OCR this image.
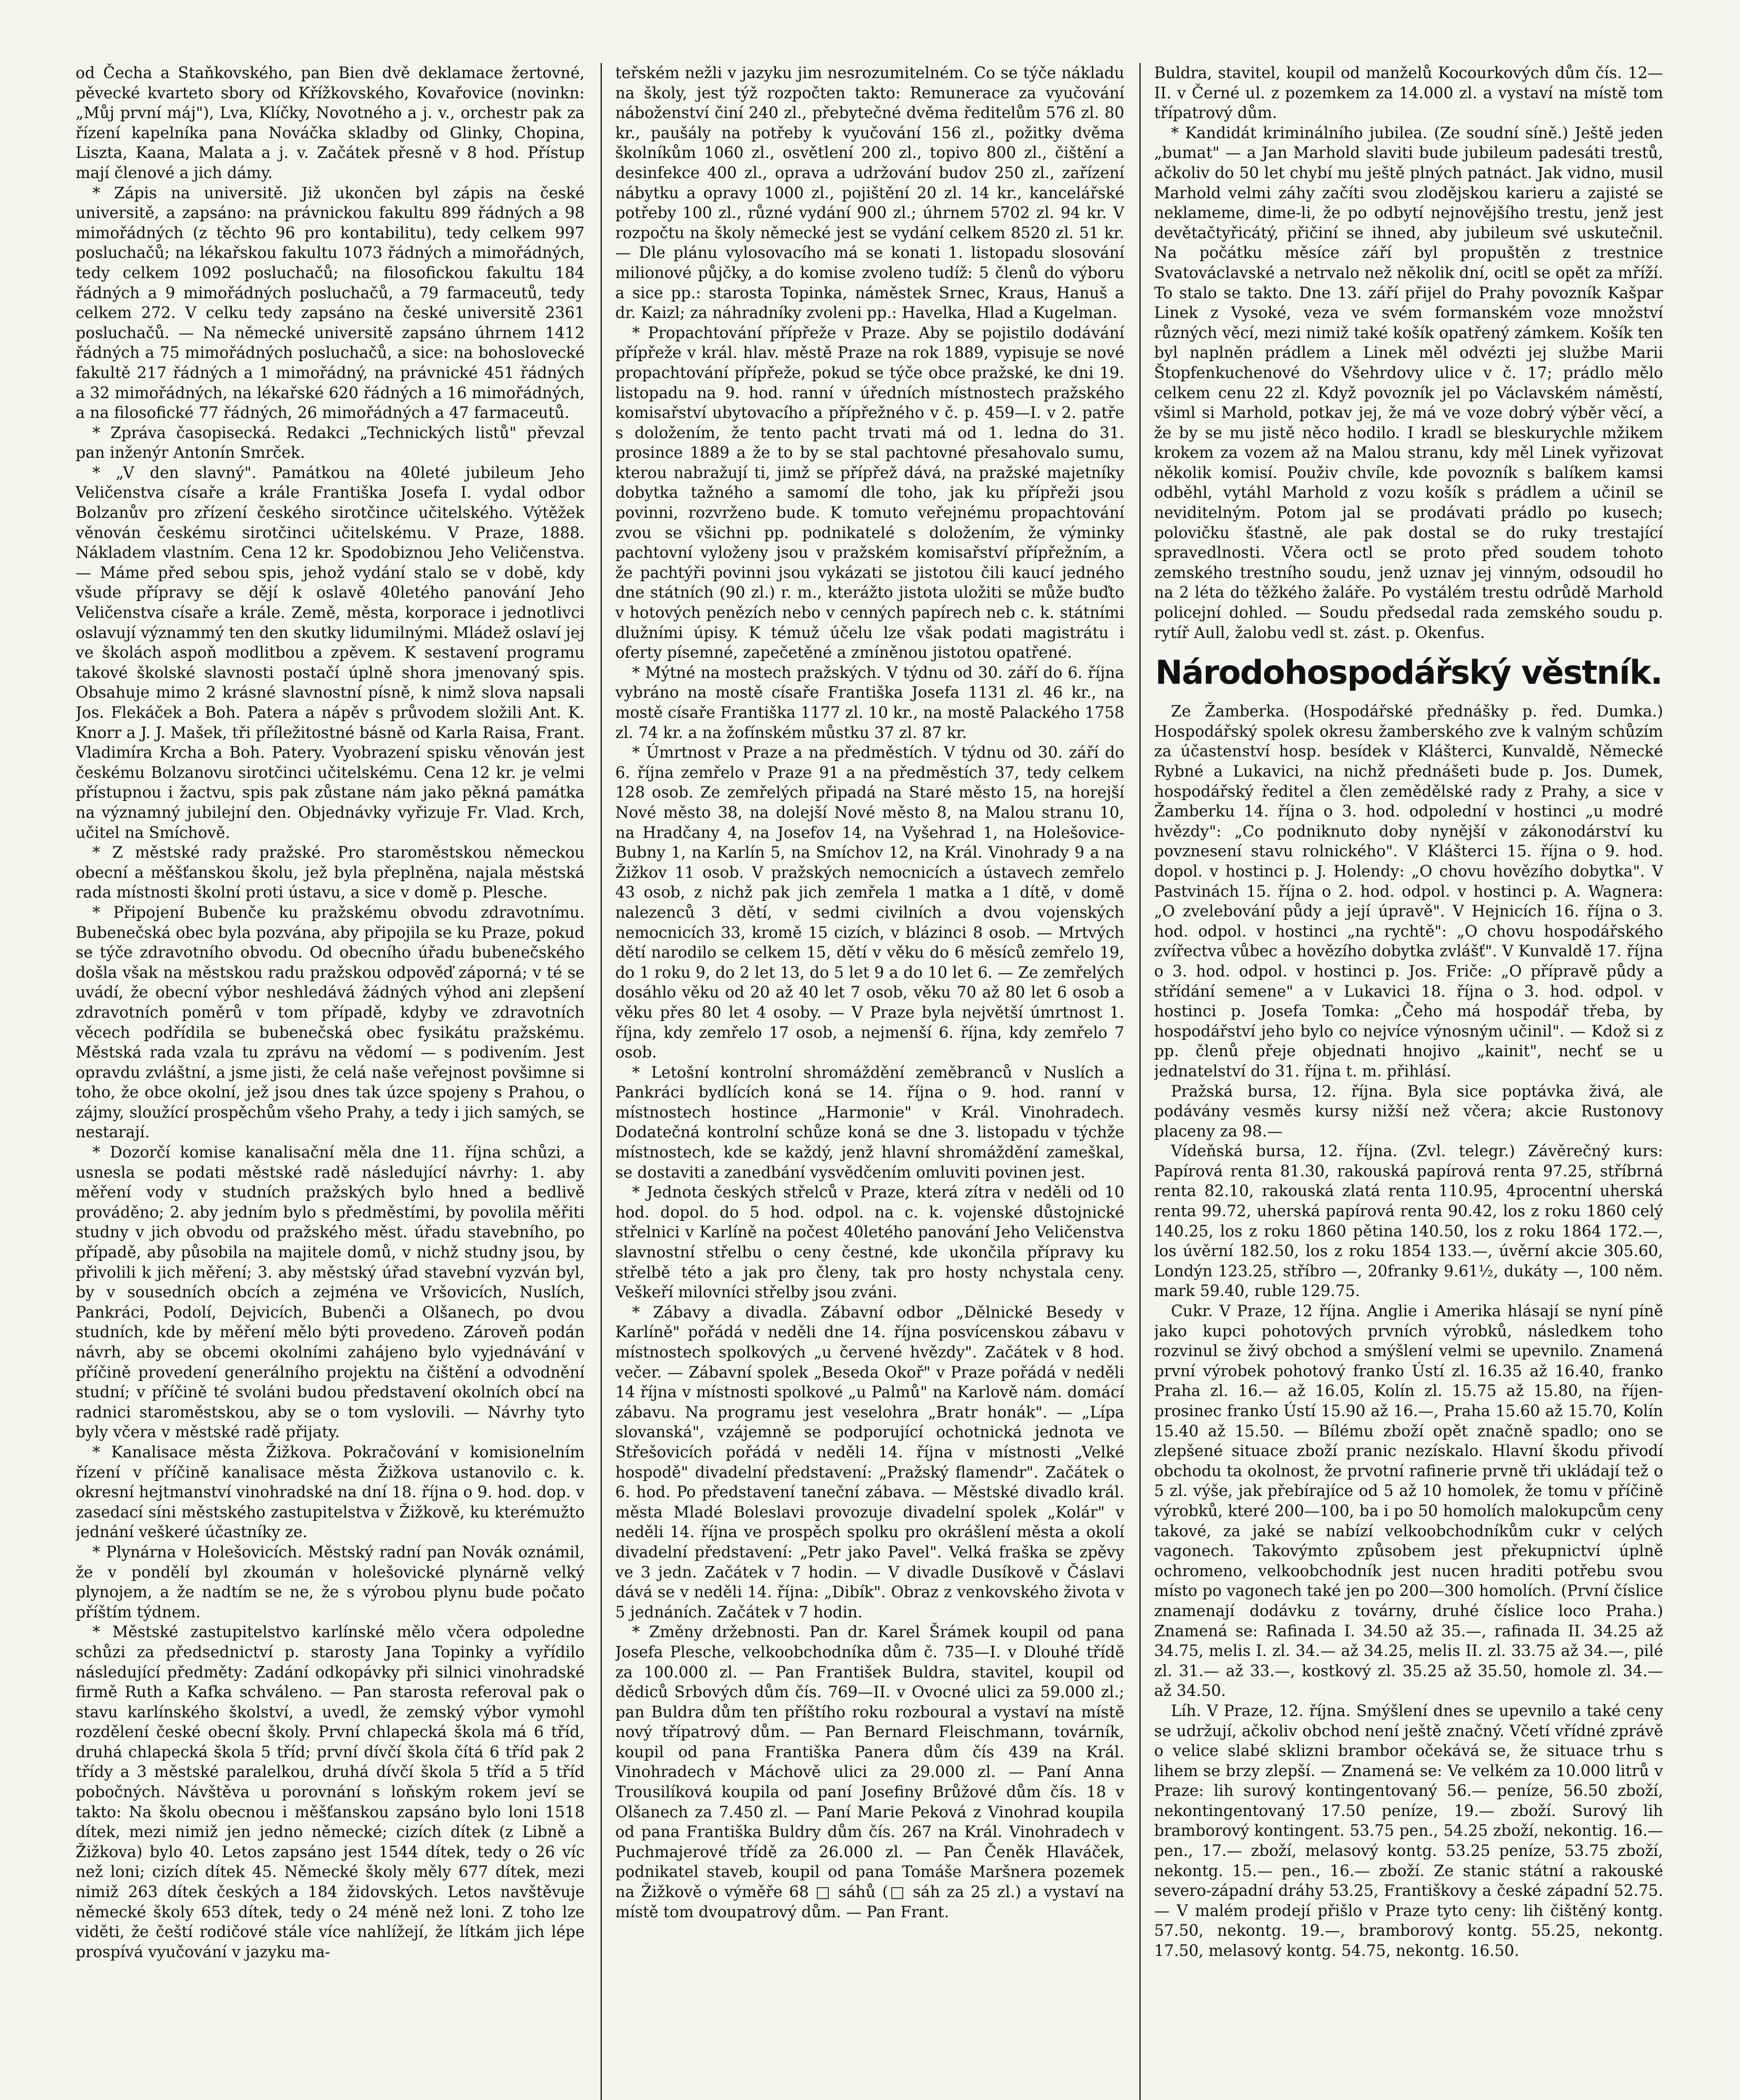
od Čecha a Staňkovského, pan Bien dvě deklamace žertovné, pěvecké kvarteto sbory od Křížkovského, Kovařovice (novinkn: „Můj první máj"), Lva, Klíčky, Novotného a j. v., orchestr pak za řízení kapelníka pana Nováčka skladby od Glinky, Chopina, Liszta, Kaana, Malata a j. v. Začátek přesně v 8 hod. Přístup mají členové a jich dámy.

* Zápis na universitě. Již ukončen byl zápis na české universitě, a zapsáno: na právnickou fakultu 899 řádných a 98 mimořádných (z těchto 96 pro kontabilitu), tedy celkem 997 posluchačů; na lékařskou fakultu 1073 řádných a mimořádných, tedy celkem 1092 posluchačů; na filosofickou fakultu 184 řádných a 9 mimořádných posluchačů, a 79 farmaceutů, tedy celkem 272. V celku tedy zapsáno na české universitě 2361 posluchačů. — Na německé universitě zapsáno úhrnem 1412 řádných a 75 mimořádných posluchačů, a sice: na bohoslovecké fakultě 217 řádných a 1 mimořádný, na právnické 451 řádných a 32 mimořádných, na lékařské 620 řádných a 16 mimořádných, a na filosofické 77 řádných, 26 mimořádných a 47 farmaceutů.

* Zpráva časopisecká. Redakci „Technických listů" převzal pan inženýr Antonín Smrček.

* „V den slavný". Památkou na 40leté jubileum Jeho Veličenstva císaře a krále Františka Josefa I. vydal odbor Bolzanův pro zřízení českého sirotčince učitelského. Výtěžek věnován českému sirotčinci učitelskému. V Praze, 1888. Nákladem vlastním. Cena 12 kr. Spodobiznou Jeho Veličenstva. — Máme před sebou spis, jehož vydání stalo se v době, kdy všude přípravy se dějí k oslavě 40letého panování Jeho Veličenstva císaře a krále. Země, města, korporace i jednotlivci oslavují význammý ten den skutky lidumilnými. Mládež oslaví jej ve školách aspoň modlitbou a zpěvem. K sestavení programu takové školské slavnosti postačí úplně shora jmenovaný spis. Obsahuje mimo 2 krásné slavnostní písně, k nimž slova napsali Jos. Flekáček a Boh. Patera a nápěv s průvodem složili Ant. K. Knorr a J. J. Mašek, tři příležitostné básně od Karla Raisa, Frant. Vladimíra Krcha a Boh. Patery. Vyobrazení spisku věnován jest českému Bolzanovu sirotčinci učitelskému. Cena 12 kr. je velmi přístupnou i žactvu, spis pak zůstane nám jako pěkná památka na významný jubilejní den. Objednávky vyřizuje Fr. Vlad. Krch, učitel na Smíchově.

* Z městské rady pražské. Pro staroměstskou německou obecní a měšťanskou školu, jež byla přeplněna, najala městská rada místnosti školní proti ústavu, a sice v domě p. Plesche.

* Připojení Bubenče ku pražskému obvodu zdravotnímu. Bubenečská obec byla pozvána, aby připojila se ku Praze, pokud se týče zdravotního obvodu. Od obecního úřadu bubenečského došla však na městskou radu pražskou odpověď záporná; v té se uvádí, že obecní výbor neshledává žádných výhod ani zlepšení zdravotních poměrů v tom případě, kdyby ve zdravotních věcech podřídila se bubenečská obec fysikátu pražskému. Městská rada vzala tu zprávu na vědomí — s podivením. Jest opravdu zvláštní, a jsme jisti, že celá naše veřejnost povšimne si toho, že obce okolní, jež jsou dnes tak úzce spojeny s Prahou, o zájmy, sloužící prospěchům všeho Prahy, a tedy i jich samých, se nestarají.

* Dozorčí komise kanalisační měla dne 11. října schůzi, a usnesla se podati městské radě následující návrhy: 1. aby měření vody v studních pražských bylo hned a bedlivě prováděno; 2. aby jedním bylo s předměstími, by povolila měřiti studny v jich obvodu od pražského měst. úřadu stavebního, po případě, aby působila na majitele domů, v nichž studny jsou, by přivolili k jich měření; 3. aby městský úřad stavební vyzván byl, by v sousedních obcích a zejména ve Vršovicích, Nuslích, Pankráci, Podolí, Dejvicích, Bubenči a Olšanech, po dvou studních, kde by měření mělo býti provedeno. Zároveň podán návrh, aby se obcemi okolními zahájeno bylo vyjednávání v příčině provedení generálního projektu na čištění a odvodnění studní; v příčině té svoláni budou představení okolních obcí na radnici staroměstskou, aby se o tom vyslovili. — Návrhy tyto byly včera v městské radě přijaty.

* Kanalisace města Žižkova. Pokračování v komisionelním řízení v příčině kanalisace města Žižkova ustanovilo c. k. okresní hejtmanství vinohradské na dní 18. října o 9. hod. dop. v zasedací síni městského zastupitelstva v Žižkově, ku kterémužto jednání veškeré účastníky ze.

* Plynárna v Holešovicích. Městský radní pan Novák oznámil, že v pondělí byl zkoumán v holešovické plynárně velký plynojem, a že nadtím se ne, že s výrobou plynu bude počato příštím týdnem.

* Městské zastupitelstvo karlínské mělo včera odpoledne schůzi za předsednictví p. starosty Jana Topinky a vyřídilo následující předměty: Zadání odkopávky při silnici vinohradské firmě Ruth a Kafka schváleno. — Pan starosta referoval pak o stavu karlínského školství, a uvedl, že zemský výbor vymohl rozdělení české obecní školy. První chlapecká škola má 6 tříd, druhá chlapecká škola 5 tříd; první dívčí škola čítá 6 tříd pak 2 třídy a 3 městské paralelkou, druhá dívčí škola 5 tříd a 5 tříd pobočných. Návštěva u porovnání s loňským rokem jeví se takto: Na školu obecnou i měšťanskou zapsáno bylo loni 1518 dítek, mezi nimiž jen jedno německé; cizích dítek (z Libně a Žižkova) bylo 40. Letos zapsáno jest 1544 dítek, tedy o 26 víc než loni; cizích dítek 45. Německé školy měly 677 dítek, mezi nimiž 263 dítek českých a 184 židovských. Letos navštěvuje německé školy 653 dítek, tedy o 24 méně než loni. Z toho lze viděti, že čeští rodičové stále více nahlížejí, že lítkám jich lépe prospívá vyučování v jazyku ma-

teřském nežli v jazyku jim nesrozumitelném. Co se týče nákladu na školy, jest týž rozpočten takto: Remunerace za vyučování náboženství činí 240 zl., přebytečné dvěma ředitelům 576 zl. 80 kr., paušály na potřeby k vyučování 156 zl., požitky dvěma školníkům 1060 zl., osvětlení 200 zl., topivo 800 zl., čištění a desinfekce 400 zl., oprava a udržování budov 250 zl., zařízení nábytku a opravy 1000 zl., pojištění 20 zl. 14 kr., kancelářské potřeby 100 zl., různé vydání 900 zl.; úhrnem 5702 zl. 94 kr. V rozpočtu na školy německé jest se vydání celkem 8520 zl. 51 kr. — Dle plánu vylosovacího má se konati 1. listopadu slosování milionové půjčky, a do komise zvoleno tudíž: 5 členů do výboru a sice pp.: starosta Topinka, náměstek Srnec, Kraus, Hanuš a dr. Kaizl; za náhradníky zvoleni pp.: Havelka, Hlad a Kugelman.

* Propachtování přípřeže v Praze. Aby se pojistilo dodávání přípřeže v král. hlav. městě Praze na rok 1889, vypisuje se nové propachtování přípřeže, pokud se týče obce pražské, ke dni 19. listopadu na 9. hod. ranní v úředních místnostech pražského komisařství ubytovacího a přípřežného v č. p. 459—I. v 2. patře s doložením, že tento pacht trvati má od 1. ledna do 31. prosince 1889 a že to by se stal pachtovné přesahovalo sumu, kterou nabražují ti, jimž se přípřež dává, na pražské majetníky dobytka tažného a samomí dle toho, jak ku přípřeži jsou povinni, rozvrženo bude. K tomuto veřejnému propachtování zvou se všichni pp. podnikatelé s doložením, že výminky pachtovní vyloženy jsou v pražském komisařství přípřežním, a že pachtýři povinni jsou vykázati se jistotou čili kaucí jedného dne státních (90 zl.) r. m., kterážto jistota uložiti se může buďto v hotových penězích nebo v cenných papírech neb c. k. státními dlužními úpisy. K témuž účelu lze však podati magistrátu i oferty písemné, zapečetěné a zmíněnou jistotou opatřené.

* Mýtné na mostech pražských. V týdnu od 30. září do 6. října vybráno na mostě císaře Františka Josefa 1131 zl. 46 kr., na mostě císaře Františka 1177 zl. 10 kr., na mostě Palackého 1758 zl. 74 kr. a na žofínském můstku 37 zl. 87 kr.

* Úmrtnost v Praze a na předměstích. V týdnu od 30. září do 6. října zemřelo v Praze 91 a na předměstích 37, tedy celkem 128 osob. Ze zemřelých připadá na Staré město 15, na horejší Nové město 38, na dolejší Nové město 8, na Malou stranu 10, na Hradčany 4, na Josefov 14, na Vyšehrad 1, na Holešovice-Bubny 1, na Karlín 5, na Smíchov 12, na Král. Vinohrady 9 a na Žižkov 11 osob. V pražských nemocnicích a ústavech zemřelo 43 osob, z nichž pak jich zemřela 1 matka a 1 dítě, v domě nalezenců 3 dětí, v sedmi civilních a dvou vojenských nemocnicích 33, kromě 15 cizích, v blázinci 8 osob. — Mrtvých dětí narodilo se celkem 15, dětí v věku do 6 měsíců zemřelo 19, do 1 roku 9, do 2 let 13, do 5 let 9 a do 10 let 6. — Ze zemřelých dosáhlo věku od 20 až 40 let 7 osob, věku 70 až 80 let 6 osob a věku přes 80 let 4 osoby. — V Praze byla největší úmrtnost 1. října, kdy zemřelo 17 osob, a nejmenší 6. října, kdy zemřelo 7 osob.

* Letošní kontrolní shromáždění zeměbranců v Nuslích a Pankráci bydlících koná se 14. října o 9. hod. ranní v místnostech hostince „Harmonie" v Král. Vinohradech. Dodatečná kontrolní schůze koná se dne 3. listopadu v týchže místnostech, kde se každý, jenž hlavní shromáždění zameškal, se dostaviti a zanedbání vysvědčením omluviti povinen jest.

* Jednota českých střelců v Praze, která zítra v neděli od 10 hod. dopol. do 5 hod. odpol. na c. k. vojenské důstojnické střelnici v Karlíně na počest 40letého panování Jeho Veličenstva slavnostní střelbu o ceny čestné, kde ukončila přípravy ku střelbě této a jak pro členy, tak pro hosty nchystala ceny. Veškeří milovníci střelby jsou zváni.

* Zábavy a divadla. Zábavní odbor „Dělnické Besedy v Karlíně" pořádá v neděli dne 14. října posvícenskou zábavu v místnostech spolkových „u červené hvězdy". Začátek v 8 hod. večer. — Zábavní spolek „Beseda Okoř" v Praze pořádá v neděli 14 října v místnosti spolkové „u Palmů" na Karlově nám. domácí zábavu. Na programu jest veselohra „Bratr honák". — „Lípa slovanská", vzájemně se podporující ochotnická jednota ve Střešovicích pořádá v neděli 14. října v místnosti „Velké hospodě" divadelní představení: „Pražský flamendr". Začátek o 6. hod. Po představení taneční zábava. — Městské divadlo král. města Mladé Boleslavi provozuje divadelní spolek „Kolár" v neděli 14. října ve prospěch spolku pro okrášlení města a okolí divadelní představení: „Petr jako Pavel". Velká fraška se zpěvy ve 3 jedn. Začátek v 7 hodin. — V divadle Dusíkově v Čáslavi dává se v neděli 14. října: „Dibík". Obraz z venkovského života v 5 jednáních. Začátek v 7 hodin.

* Změny držebnosti. Pan dr. Karel Šrámek koupil od pana Josefa Plesche, velkoobchodníka dům č. 735—I. v Dlouhé třídě za 100.000 zl. — Pan František Buldra, stavitel, koupil od dědiců Srbových dům čís. 769—II. v Ovocné ulici za 59.000 zl.; pan Buldra dům ten příštího roku rozboural a vystaví na místě nový třípatrový dům. — Pan Bernard Fleischmann, továrník, koupil od pana Františka Panera dům čís 439 na Král. Vinohradech v Máchově ulici za 29.000 zl. — Paní Anna Trousilíková koupila od paní Josefiny Brůžové dům čís. 18 v Olšanech za 7.450 zl. — Paní Marie Peková z Vinohrad koupila od pana Františka Buldry dům čís. 267 na Král. Vinohradech v Puchmajerové třídě za 26.000 zl. — Pan Čeněk Hlaváček, podnikatel staveb, koupil od pana Tomáše Maršnera pozemek na Žižkově o výměře 68 □ sáhů (□ sáh za 25 zl.) a vystaví na místě tom dvoupatrový dům. — Pan Frant.

Buldra, stavitel, koupil od manželů Kocourkových dům čís. 12—II. v Černé ul. z pozemkem za 14.000 zl. a vystaví na místě tom třípatrový dům.

* Kandidát kriminálního jubilea. (Ze soudní síně.) Ještě jeden „bumat" — a Jan Marhold slaviti bude jubileum padesáti trestů, ačkoliv do 50 let chybí mu ještě plných patnáct. Jak vidno, musil Marhold velmi záhy začíti svou zlodějskou karieru a zajisté se neklameme, dime-li, že po odbytí nejnovějšího trestu, jenž jest devětačtyřicátý, přičiní se ihned, aby jubileum své uskutečnil. Na počátku měsíce září byl propuštěn z trestnice Svatováclavské a netrvalo než několik dní, ocitl se opět za mříží. To stalo se takto. Dne 13. září přijel do Prahy povozník Kašpar Linek z Vysoké, veza ve svém formanském voze množství různých věcí, mezi nimiž také košík opatřený zámkem. Košík ten byl naplněn prádlem a Linek měl odvézti jej službe Marii Štopfenkuchenové do Všehrdovy ulice v č. 17; prádlo mělo celkem cenu 22 zl. Když povozník jel po Václavském náměstí, všiml si Marhold, potkav jej, že má ve voze dobrý výběr věcí, a že by se mu jistě něco hodilo. I kradl se bleskurychle mžikem krokem za vozem až na Malou stranu, kdy měl Linek vyřizovat několik komisí. Použiv chvíle, kde povozník s balíkem kamsi odběhl, vytáhl Marhold z vozu košík s prádlem a učinil se neviditelným. Potom jal se prodávati prádlo po kusech; polovičku šťastně, ale pak dostal se do ruky trestající spravedlnosti. Včera octl se proto před soudem tohoto zemského trestního soudu, jenž uznav jej vinným, odsoudil ho na 2 léta do těžkého žaláře. Po vystálém trestu odrůdě Marhold policejní dohled. — Soudu předsedal rada zemského soudu p. rytíř Aull, žalobu vedl st. zást. p. Okenfus.

Národohospodářský věstník.

Ze Žamberka. (Hospodářské přednášky p. řed. Dumka.) Hospodářský spolek okresu žamberského zve k valným schůzím za účastenství hosp. besídek v Klášterci, Kunvaldě, Německé Rybné a Lukavici, na nichž přednášeti bude p. Jos. Dumek, hospodářský ředitel a člen zemědělské rady z Prahy, a sice v Žamberku 14. října o 3. hod. odpolední v hostinci „u modré hvězdy": „Co podniknuto doby nynější v zákonodárství ku povznesení stavu rolnického". V Klášterci 15. října o 9. hod. dopol. v hostinci p. J. Holendy: „O chovu hovězího dobytka". V Pastvinách 15. října o 2. hod. odpol. v hostinci p. A. Wagnera: „O zvelebování půdy a její úpravě". V Hejnicích 16. října o 3. hod. odpol. v hostinci „na rychtě": „O chovu hospodářského zvířectva vůbec a hovězího dobytka zvlášť". V Kunvaldě 17. října o 3. hod. odpol. v hostinci p. Jos. Friče: „O přípravě půdy a střídání semene" a v Lukavici 18. října o 3. hod. odpol. v hostinci p. Josefa Tomka: „Čeho má hospodář třeba, by hospodářství jeho bylo co nejvíce výnosným učinil". — Kdož si z pp. členů přeje objednati hnojivo „kainit", nechť se u jednatelství do 31. října t. m. přihlásí.

Pražská bursa, 12. října. Byla sice poptávka živá, ale podávány vesměs kursy nižší než včera; akcie Rustonovy placeny za 98.—

Vídeňská bursa, 12. října. (Zvl. telegr.) Závěrečný kurs: Papírová renta 81.30, rakouská papírová renta 97.25, stříbrná renta 82.10, rakouská zlatá renta 110.95, 4procentní uherská renta 99.72, uherská papírová renta 90.42, los z roku 1860 celý 140.25, los z roku 1860 pětina 140.50, los z roku 1864 172.—, los úvěrní 182.50, los z roku 1854 133.—, úvěrní akcie 305.60, Londýn 123.25, stříbro —, 20franky 9.61½, dukáty —, 100 něm. mark 59.40, ruble 129.75.

Cukr. V Praze, 12 října. Anglie i Amerika hlásají se nyní píně jako kupci pohotových prvních výrobků, následkem toho rozvinul se živý obchod a smýšlení velmi se upevnilo. Znamená první výrobek pohotový franko Ústí zl. 16.35 až 16.40, franko Praha zl. 16.— až 16.05, Kolín zl. 15.75 až 15.80, na říjen-prosinec franko Ústí 15.90 až 16.—, Praha 15.60 až 15.70, Kolín 15.40 až 15.50. — Bílému zboží opět značně spadlo; ono se zlepšené situace zboží pranic nezískalo. Hlavní škodu přivodí obchodu ta okolnost, že prvotní rafinerie prvně tři ukládají tež o 5 zl. výše, jak přebírajíce od 5 až 10 homolek, že tomu v příčině výrobků, které 200—100, ba i po 50 homolích malokupcům ceny takové, za jaké se nabízí velkoobchodníkům cukr v celých vagonech. Takovýmto způsobem jest překupnictví úplně ochromeno, velkoobchodník jest nucen hraditi potřebu svou místo po vagonech také jen po 200—300 homolích. (První číslice znamenají dodávku z továrny, druhé číslice loco Praha.) Znamená se: Rafinada I. 34.50 až 35.—, rafinada II. 34.25 až 34.75, melis I. zl. 34.— až 34.25, melis II. zl. 33.75 až 34.—, pilé zl. 31.— až 33.—, kostkový zl. 35.25 až 35.50, homole zl. 34.— až 34.50.

Líh. V Praze, 12. října. Smýšlení dnes se upevnilo a také ceny se udržují, ačkoliv obchod není ještě značný. Včetí vřídné zprávě o velice slabé sklizni brambor očekává se, že situace trhu s lihem se brzy zlepší. — Znamená se: Ve velkém za 10.000 litrů v Praze: lih surový kontingentovaný 56.— peníze, 56.50 zboží, nekontingentovaný 17.50 peníze, 19.— zboží. Surový lih bramborový kontingent. 53.75 pen., 54.25 zboží, nekontig. 16.— pen., 17.— zboží, melasový kontg. 53.25 peníze, 53.75 zboží, nekontg. 15.— pen., 16.— zboží. Ze stanic státní a rakouské severo-západní dráhy 53.25, Františkovy a české západní 52.75. — V malém prodejí přišlo v Praze tyto ceny: lih čištěný kontg. 57.50, nekontg. 19.—, bramborový kontg. 55.25, nekontg. 17.50, melasový kontg. 54.75, nekontg. 16.50.
